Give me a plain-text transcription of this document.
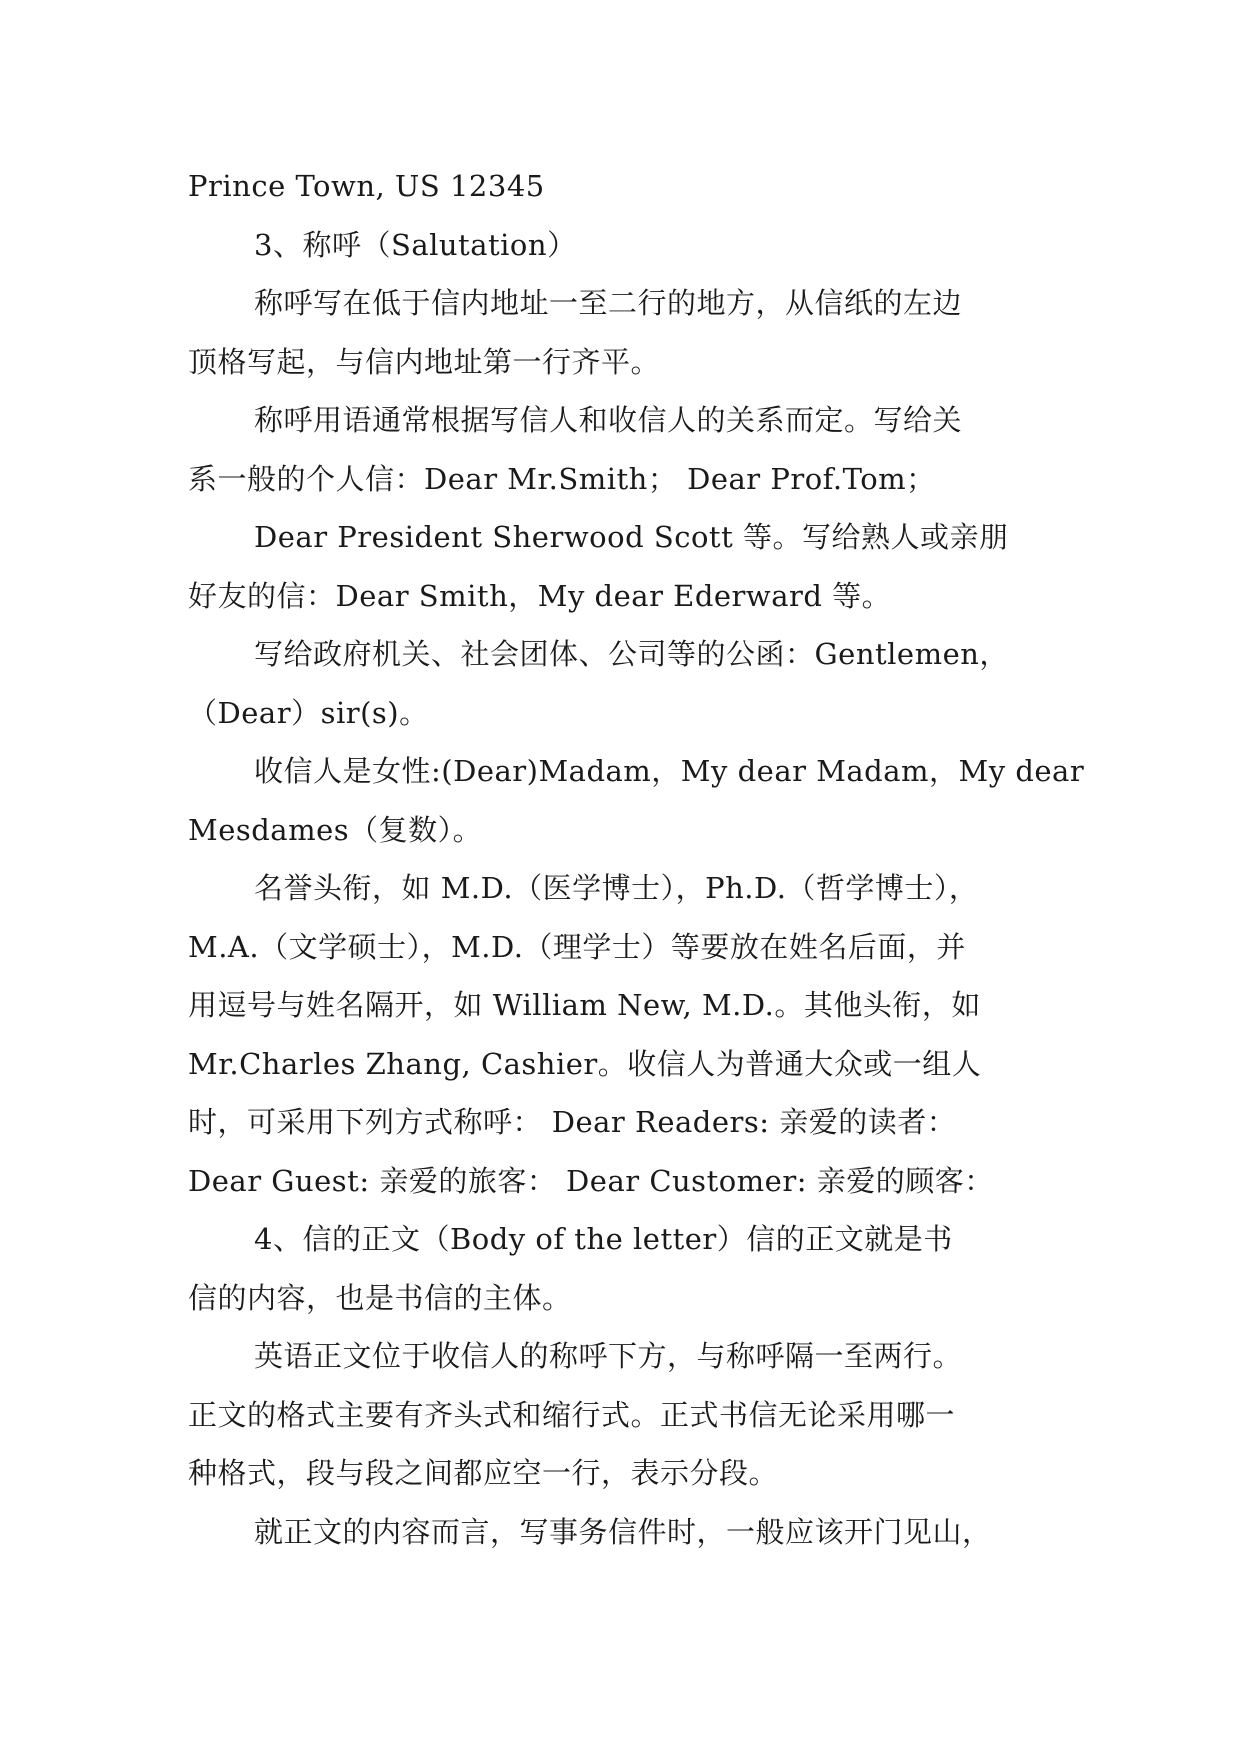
Prince Town, US 12345
3、称呼（Salutation）
称呼写在低于信内地址一至二行的地方，从信纸的左边
顶格写起，与信内地址第一行齐平。
称呼用语通常根据写信人和收信人的关系而定。写给关
系一般的个人信：Dear Mr.Smith； Dear Prof.Tom；
Dear President Sherwood Scott 等。写给熟人或亲朋
好友的信：Dear Smith，My dear Ederward 等。
写给政府机关、社会团体、公司等的公函：Gentlemen，
（Dear）sir(s)。
收信人是女性:(Dear)Madam，My dear Madam，My dear
Mesdames（复数）。
名誉头衔，如 M.D.（医学博士），Ph.D.（哲学博士），
M.A.（文学硕士），M.D.（理学士）等要放在姓名后面，并
用逗号与姓名隔开，如 William New, M.D.。其他头衔，如
Mr.Charles Zhang, Cashier。收信人为普通大众或一组人
时，可采用下列方式称呼： Dear Readers: 亲爱的读者：
Dear Guest: 亲爱的旅客： Dear Customer: 亲爱的顾客：
4、信的正文（Body of the letter）信的正文就是书
信的内容，也是书信的主体。
英语正文位于收信人的称呼下方，与称呼隔一至两行。
正文的格式主要有齐头式和缩行式。正式书信无论采用哪一
种格式，段与段之间都应空一行，表示分段。
就正文的内容而言，写事务信件时，一般应该开门见山，
